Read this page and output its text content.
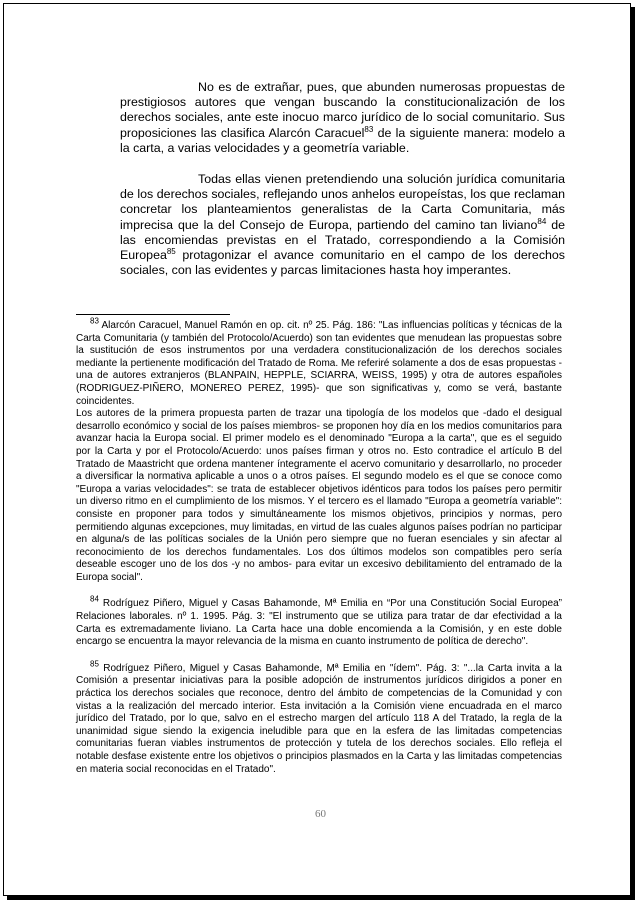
No es de extrañar, pues, que abunden numerosas propuestas de prestigiosos autores que vengan buscando la constitucionalización de los derechos sociales, ante este inocuo marco jurídico de lo social comunitario. Sus proposiciones las clasifica Alarcón Caracuel$^{83}$ de la siguiente manera: modelo a la carta, a varias velocidades y a geometría variable.

Todas ellas vienen pretendiendo una solución jurídica comunitaria de los derechos sociales, reflejando unos anhelos europeístas, los que reclaman concretar los planteamientos generalistas de la Carta Comunitaria, más imprecisa que la del Consejo de Europa, partiendo del camino tan liviano$^{84}$ de las encomiendas previstas en el Tratado, correspondiendo a la Comisión Europea$^{85}$ protagonizar el avance comunitario en el campo de los derechos sociales, con las evidentes y parcas limitaciones hasta hoy imperantes.

$^{83}$ Alarcón Caracuel, Manuel Ramón en op. cit. nº 25. Pág. 186: "Las influencias políticas y técnicas de la Carta Comunitaria (y también del Protocolo/Acuerdo) son tan evidentes que menudean las propuestas sobre la sustitución de esos instrumentos por una verdadera constitucionalización de los derechos sociales mediante la pertienente modificación del Tratado de Roma. Me referiré solamente a dos de esas propuestas -una de autores extranjeros (BLANPAIN, HEPPLE, SCIARRA, WEISS, 1995) y otra de autores españoles (RODRIGUEZ-PIÑERO, MONEREO PEREZ, 1995)- que son significativas y, como se verá, bastante coincidentes.

Los autores de la primera propuesta parten de trazar una tipología de los modelos que -dado el desigual desarrollo económico y social de los países miembros- se proponen hoy día en los medios comunitarios para avanzar hacia la Europa social. El primer modelo es el denominado "Europa a la carta", que es el seguido por la Carta y por el Protocolo/Acuerdo: unos países firman y otros no. Esto contradice el artículo B del Tratado de Maastricht que ordena mantener íntegramente el acervo comunitario y desarrollarlo, no proceder a diversificar la normativa aplicable a unos o a otros países. El segundo modelo es el que se conoce como "Europa a varias velocidades": se trata de establecer objetivos idénticos para todos los países pero permitir un diverso ritmo en el cumplimiento de los mismos. Y el tercero es el llamado "Europa a geometría variable": consiste en proponer para todos y simultáneamente los mismos objetivos, principios y normas, pero permitiendo algunas excepciones, muy limitadas, en virtud de las cuales algunos países podrían no participar en alguna/s de las políticas sociales de la Unión pero siempre que no fueran esenciales y sin afectar al reconocimiento de los derechos fundamentales. Los dos últimos modelos son compatibles pero sería deseable escoger uno de los dos -y no ambos- para evitar un excesivo debilitamiento del entramado de la Europa social".

$^{84}$ Rodríguez Piñero, Miguel y Casas Bahamonde, Mª Emilia en “Por una Constitución Social Europea” Relaciones laborales. nº 1. 1995. Pág. 3: "El instrumento que se utiliza para tratar de dar efectividad a la Carta es extremadamente liviano. La Carta hace una doble encomienda a la Comisión, y en este doble encargo se encuentra la mayor relevancia de la misma en cuanto instrumento de política de derecho".

$^{85}$ Rodríguez Piñero, Miguel y Casas Bahamonde, Mª Emilia en "ídem". Pág. 3: "...la Carta invita a la Comisión a presentar iniciativas para la posible adopción de instrumentos jurídicos dirigidos a poner en práctica los derechos sociales que reconoce, dentro del ámbito de competencias de la Comunidad y con vistas a la realización del mercado interior. Esta invitación a la Comisión viene encuadrada en el marco jurídico del Tratado, por lo que, salvo en el estrecho margen del artículo 118 A del Tratado, la regla de la unanimidad sigue siendo la exigencia ineludible para que en la esfera de las limitadas competencias comunitarias fueran viables instrumentos de protección y tutela de los derechos sociales. Ello refleja el notable desfase existente entre los objetivos o principios plasmados en la Carta y las limitadas competencias en materia social reconocidas en el Tratado".

60
